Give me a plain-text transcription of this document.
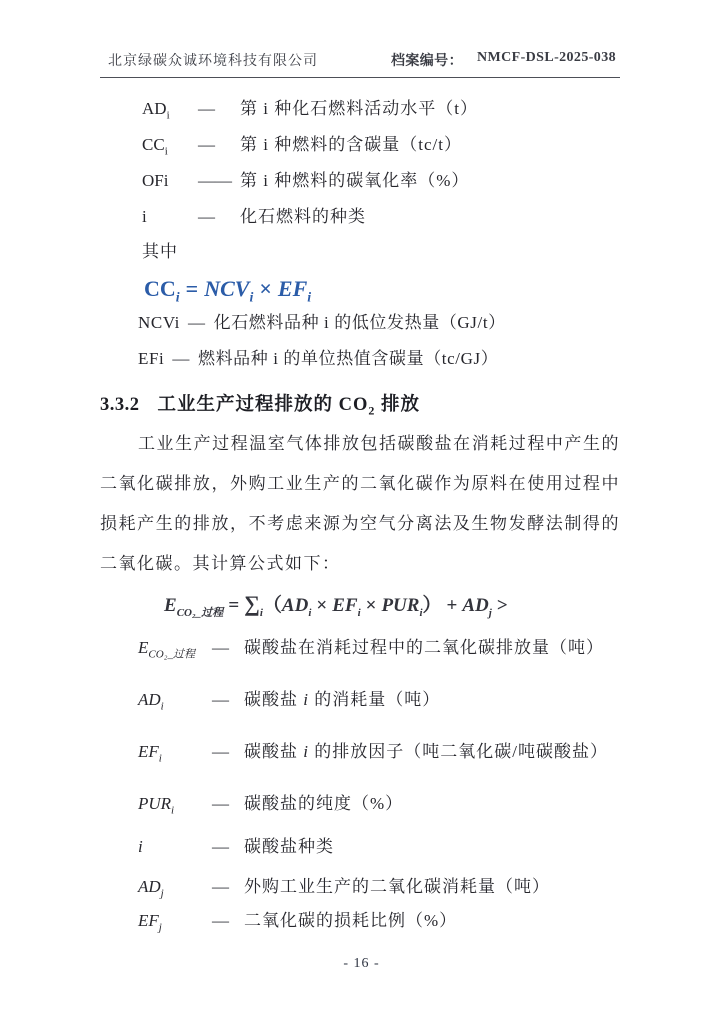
北京绿碳众诚环境科技有限公司	档案编号： NMCF-DSL-2025-038
$AD_i$	—	第 i 种化石燃料活动水平（t）
$CC_i$	—	第 i 种燃料的含碳量（tc/t）
OFi	—— 第 i 种燃料的碳氧化率（%）
i	—	化石燃料的种类
其中
$CC_i = NCV_i \times EF_i$
NCVi — 化石燃料品种 i 的低位发热量（GJ/t）
EFi — 燃料品种 i 的单位热值含碳量（tc/GJ）
3.3.2 工业生产过程排放的 $CO_2$ 排放

工业生产过程温室气体排放包括碳酸盐在消耗过程中产生的二氧化碳排放，外购工业生产的二氧化碳作为原料在使用过程中损耗产生的排放，不考虑来源为空气分离法及生物发酵法制得的二氧化碳。其计算公式如下：

$E_{CO_2\_过程} = \sum_i(AD_i \times EF_i \times PUR_i) + AD_j$ >
$E_{CO_2\_过程}$	— 碳酸盐在消耗过程中的二氧化碳排放量（吨）
$AD_i$	— 碳酸盐 i 的消耗量（吨）
$EF_i$	— 碳酸盐 i 的排放因子（吨二氧化碳/吨碳酸盐）
$PUR_i$	— 碳酸盐的纯度（%）
i	— 碳酸盐种类
$AD_j$	— 外购工业生产的二氧化碳消耗量（吨）
$EF_j$	— 二氧化碳的损耗比例（%）
- 16 -
